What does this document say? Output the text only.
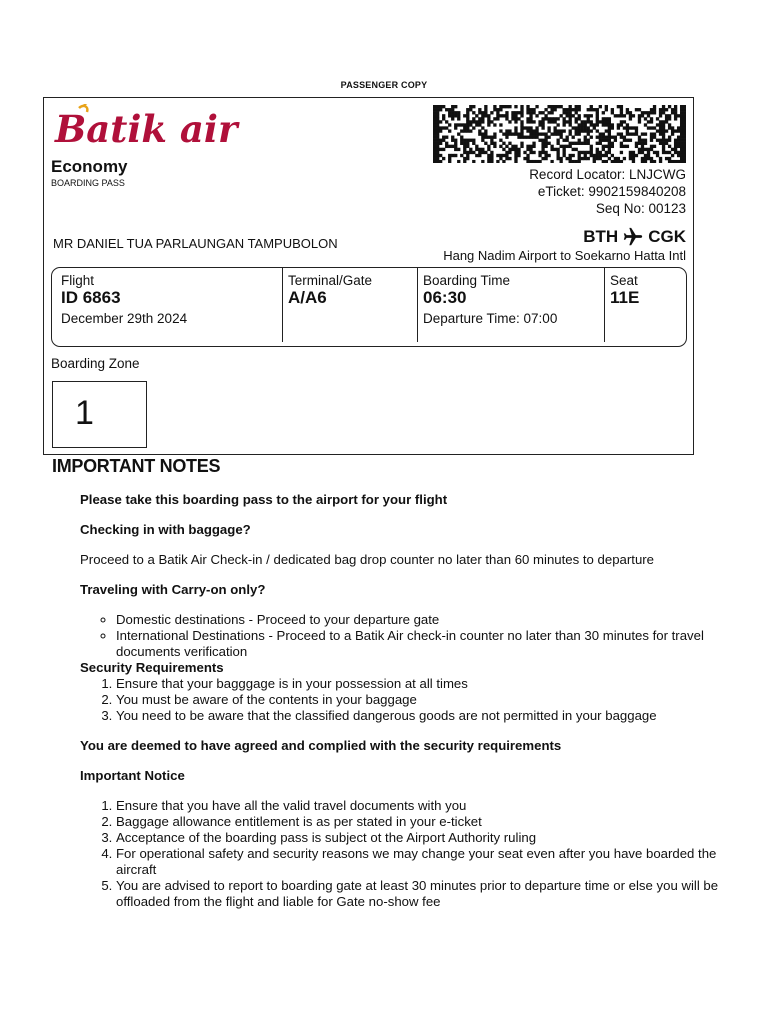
PASSENGER COPY
Batik air
Economy
BOARDING PASS
Record Locator: LNJCWG
eTicket: 9902159840208
Seq No: 00123
MR DANIEL TUA PARLAUNGAN TAMPUBOLON	BTH CGK
Hang Nadim Airport to Soekarno Hatta Intl
Flight
ID 6863
December 29th 2024
Terminal/Gate
A/A6
Boarding Time
06:30
Departure Time: 07:00
Seat
11E
Boarding Zone
1
IMPORTANT NOTES

Please take this boarding pass to the airport for your flight

Checking in with baggage?

Proceed to a Batik Air Check-in / dedicated bag drop counter no later than 60 minutes to departure

Traveling with Carry-on only?

◦ Domestic destinations - Proceed to your departure gate
◦ International Destinations - Proceed to a Batik Air check-in counter no later than 30 minutes for travel documents verification

Security Requirements

1. Ensure that your bagggage is in your possession at all times
2. You must be aware of the contents in your baggage
3. You need to be aware that the classified dangerous goods are not permitted in your baggage

You are deemed to have agreed and complied with the security requirements

Important Notice

1. Ensure that you have all the valid travel documents with you
2. Baggage allowance entitlement is as per stated in your e-ticket
3. Acceptance of the boarding pass is subject ot the Airport Authority ruling
4. For operational safety and security reasons we may change your seat even after you have boarded the aircraft
5. You are advised to report to boarding gate at least 30 minutes prior to departure time or else you will be offloaded from the flight and liable for Gate no-show fee
